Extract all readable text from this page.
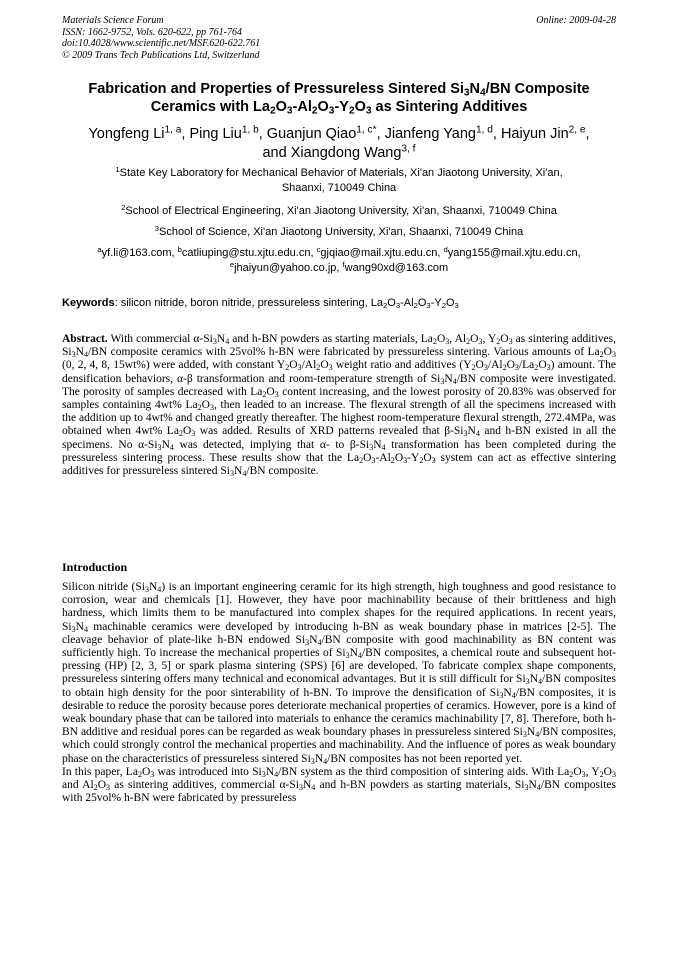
Materials Science Forum
ISSN: 1662-9752, Vols. 620-622, pp 761-764
doi:10.4028/www.scientific.net/MSF.620-622.761
© 2009 Trans Tech Publications Ltd, Switzerland
Online: 2009-04-28
Fabrication and Properties of Pressureless Sintered $Si_3N_4/BN$ Composite
Ceramics with $La_2O_3-Al_2O_3-Y_2O_3$ as Sintering Additives
Yongfeng Li$^{1, a}$, Ping Liu$^{1, b}$, Guanjun Qiao$^{1, c*}$, Jianfeng Yang$^{1, d}$, Haiyun Jin$^{2, e}$,
and Xiangdong Wang$^{3, f}$
$^1$State Key Laboratory for Mechanical Behavior of Materials, Xi'an Jiaotong University, Xi'an,
Shaanxi, 710049 China
$^2$School of Electrical Engineering, Xi'an Jiaotong University, Xi'an, Shaanxi, 710049 China
$^3$School of Science, Xi'an Jiaotong University, Xi'an, Shaanxi, 710049 China
$^a$yf.li@163.com, $^b$catliuping@stu.xjtu.edu.cn, $^c$gjqiao@mail.xjtu.edu.cn, $^d$yang155@mail.xjtu.edu.cn,
$^e$jhaiyun@yahoo.co.jp, $^f$wang90xd@163.com
Keywords: silicon nitride, boron nitride, pressureless sintering, $La_2O_3-Al_2O_3-Y_2O_3$
Abstract. With commercial $\alpha-Si_3N_4$ and h-BN powders as starting materials, $La_2O_3$, $Al_2O_3$, $Y_2O_3$ as sintering additives, $Si_3N_4/BN$ composite ceramics with 25vol% h-BN were fabricated by pressureless sintering. Various amounts of $La_2O_3$ (0, 2, 4, 8, 15wt%) were added, with constant $Y_2O_3/Al_2O_3$ weight ratio and additives $(Y_2O_3/Al_2O_3/La_2O_3)$ amount. The densification behaviors, α-β transformation and room-temperature strength of $Si_3N_4/BN$ composite were investigated. The porosity of samples decreased with $La_2O_3$ content increasing, and the lowest porosity of 20.83% was observed for samples containing 4wt% $La_2O_3$, then leaded to an increase. The flexural strength of all the specimens increased with the addition up to 4wt% and changed greatly thereafter. The highest room-temperature flexural strength, 272.4MPa, was obtained when 4wt% $La_2O_3$ was added. Results of XRD patterns revealed that $\beta-Si_3N_4$ and h-BN existed in all the specimens. No $\alpha-Si_3N_4$ was detected, implying that α- to $\beta-Si_3N_4$ transformation has been completed during the pressureless sintering process. These results show that the $La_2O_3-Al_2O_3-Y_2O_3$ system can act as effective sintering additives for pressureless sintered $Si_3N_4/BN$ composite.
Introduction

Silicon nitride $(Si_3N_4)$ is an important engineering ceramic for its high strength, high toughness and good resistance to corrosion, wear and chemicals [1]. However, they have poor machinability because of their brittleness and high hardness, which limits them to be manufactured into complex shapes for the required applications. In recent years, $Si_3N_4$ machinable ceramics were developed by introducing h-BN as weak boundary phase in matrices [2-5]. The cleavage behavior of plate-like h-BN endowed $Si_3N_4/BN$ composite with good machinability as BN content was sufficiently high. To increase the mechanical properties of $Si_3N_4/BN$ composites, a chemical route and subsequent hot-pressing (HP) [2, 3, 5] or spark plasma sintering (SPS) [6] are developed. To fabricate complex shape components, pressureless sintering offers many technical and economical advantages. But it is still difficult for $Si_3N_4/BN$ composites to obtain high density for the poor sinterability of h-BN. To improve the densification of $Si_3N_4/BN$ composites, it is desirable to reduce the porosity because pores deteriorate mechanical properties of ceramics. However, pore is a kind of weak boundary phase that can be tailored into materials to enhance the ceramics machinability [7, 8]. Therefore, both h-BN additive and residual pores can be regarded as weak boundary phases in pressureless sintered $Si_3N_4/BN$ composites, which could strongly control the mechanical properties and machinability. And the influence of pores as weak boundary phase on the characteristics of pressureless sintered $Si_3N_4/BN$ composites has not been reported yet.

In this paper, $La_2O_3$ was introduced into $Si_3N_4/BN$ system as the third composition of sintering aids. With $La_2O_3$, $Y_2O_3$ and $Al_2O_3$ as sintering additives, commercial $\alpha-Si_3N_4$ and h-BN powders as starting materials, $Si_3N_4/BN$ composites with 25vol% h-BN were fabricated by pressureless
